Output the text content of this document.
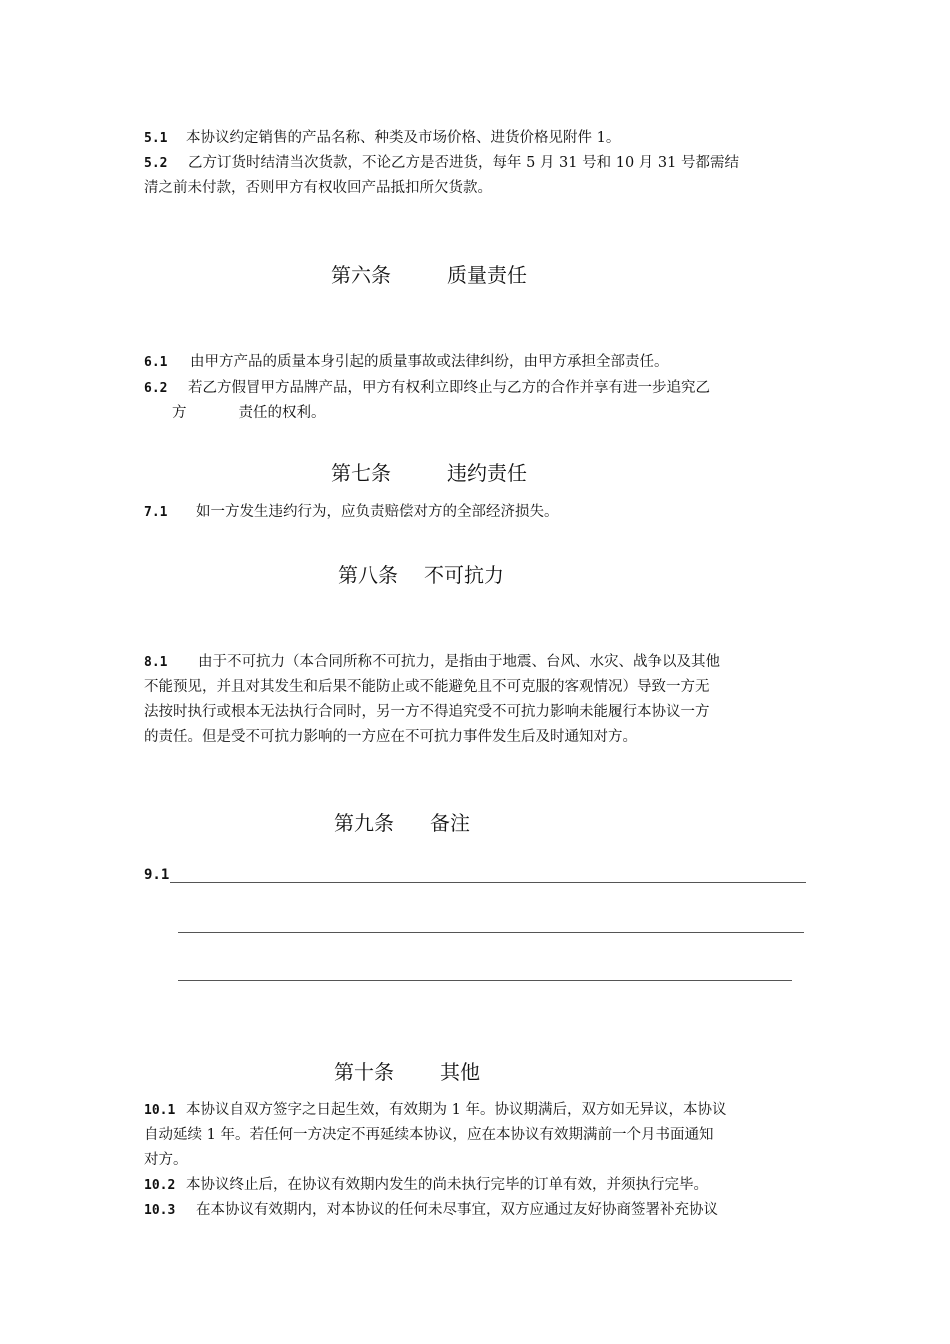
5.1 本协议约定销售的产品名称、种类及市场价格、进货价格见附件 1。
5.2 乙方订货时结清当次货款，不论乙方是否进货，每年 5 月 31 号和 10 月 31 号都需结
清之前未付款，否则甲方有权收回产品抵扣所欠货款。
第六条	质量责任
6.1 由甲方产品的质量本身引起的质量事故或法律纠纷，由甲方承担全部责任。
6.2 若乙方假冒甲方品牌产品，甲方有权利立即终止与乙方的合作并享有进一步追究乙
方	责任的权利。
第七条	违约责任
7.1 如一方发生违约行为，应负责赔偿对方的全部经济损失。
第八条 不可抗力
8.1 由于不可抗力（本合同所称不可抗力，是指由于地震、台风、水灾、战争以及其他
不能预见，并且对其发生和后果不能防止或不能避免且不可克服的客观情况）导致一方无
法按时执行或根本无法执行合同时，另一方不得追究受不可抗力影响未能履行本协议一方
的责任。但是受不可抗力影响的一方应在不可抗力事件发生后及时通知对方。
第九条 备注
9.1
第十条 其他
10.1 本协议自双方签字之日起生效，有效期为 1 年。协议期满后，双方如无异议，本协议
自动延续 1 年。若任何一方决定不再延续本协议，应在本协议有效期满前一个月书面通知
对方。
10.2 本协议终止后，在协议有效期内发生的尚未执行完毕的订单有效，并须执行完毕。
10.3 在本协议有效期内，对本协议的任何未尽事宜，双方应通过友好协商签署补充协议
